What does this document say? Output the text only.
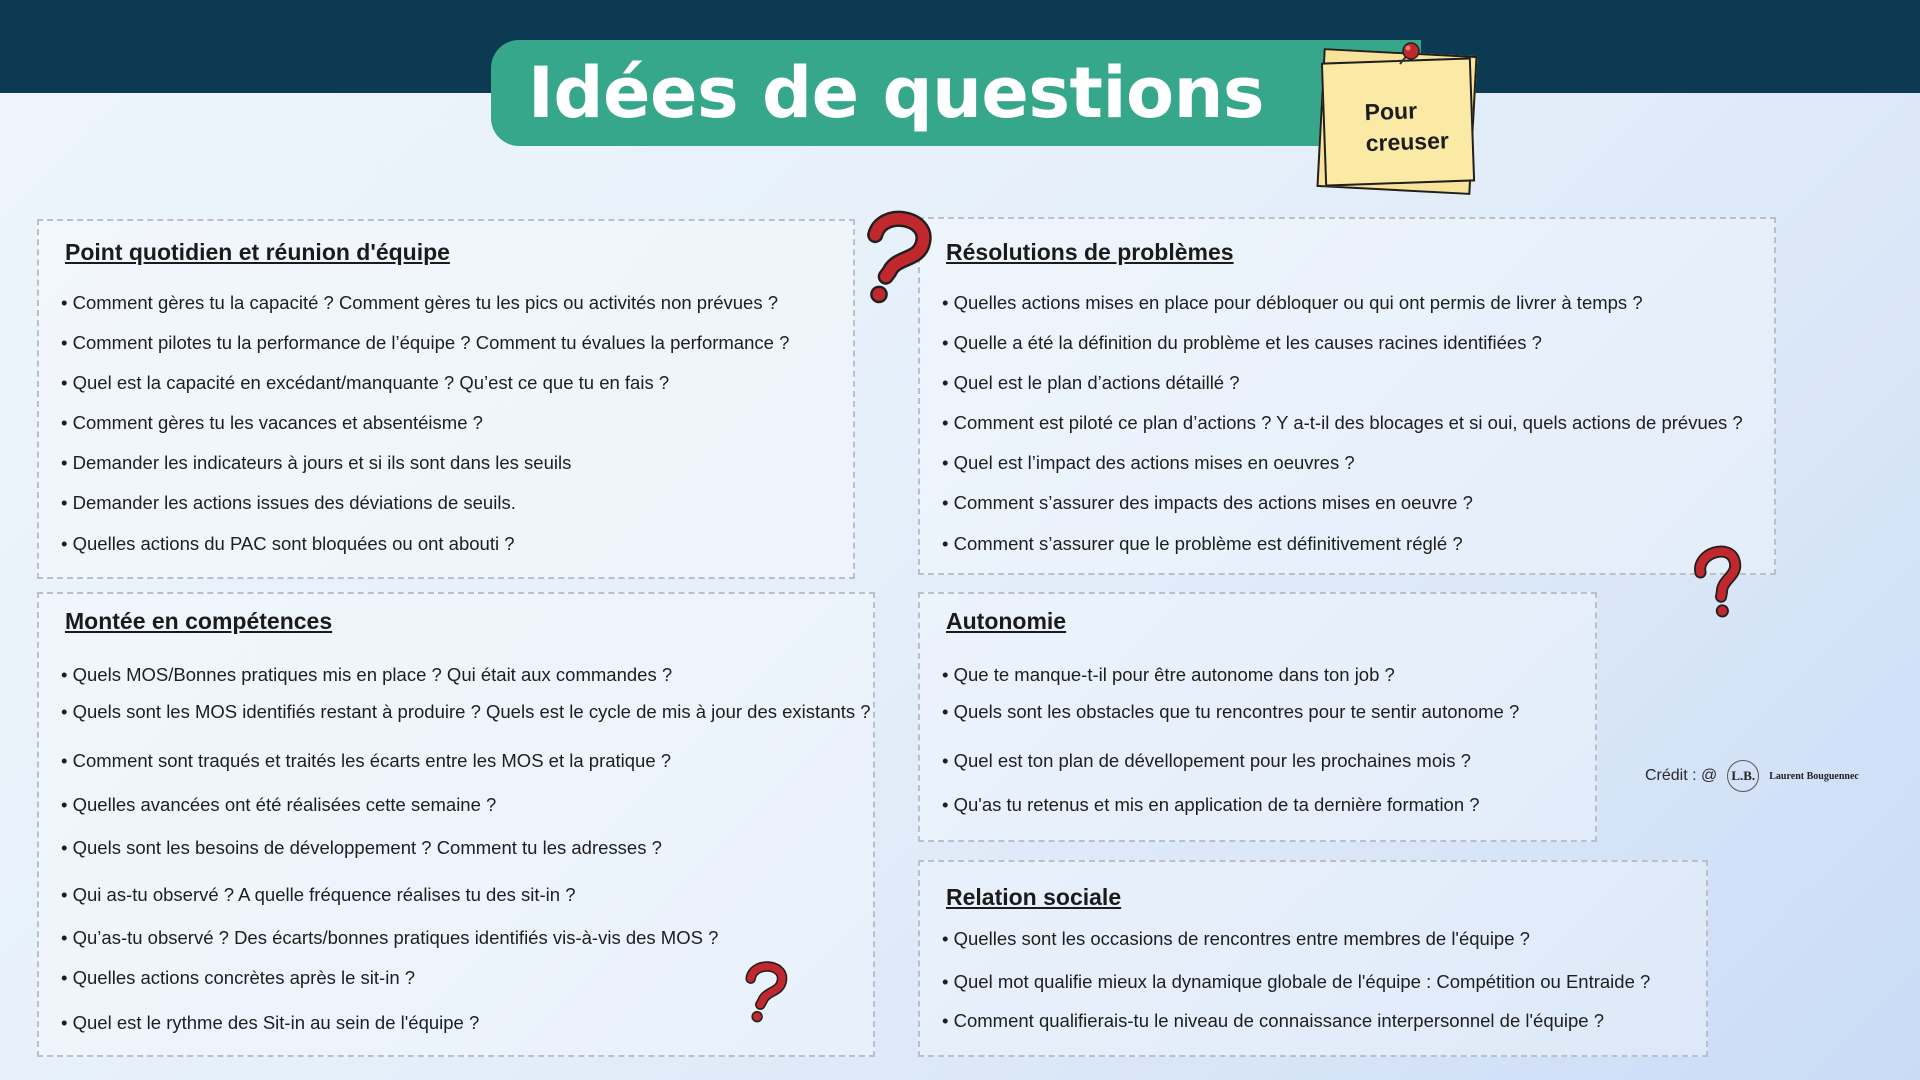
Idées de questions	Pour
creuser
Point quotidien et réunion d'équipe
• Comment gères tu la capacité ? Comment gères tu les pics ou activités non prévues ?
• Comment pilotes tu la performance de l’équipe ? Comment tu évalues la performance ?
• Quel est la capacité en excédant/manquante ? Qu’est ce que tu en fais ?
• Comment gères tu les vacances et absentéisme ?
• Demander les indicateurs à jours et si ils sont dans les seuils
• Demander les actions issues des déviations de seuils.
• Quelles actions du PAC sont bloquées ou ont abouti ?
Résolutions de problèmes
• Quelles actions mises en place pour débloquer ou qui ont permis de livrer à temps ?
• Quelle a été la définition du problème et les causes racines identifiées ?
• Quel est le plan d’actions détaillé ?
• Comment est piloté ce plan d’actions ? Y a-t-il des blocages et si oui, quels actions de prévues ?
• Quel est l’impact des actions mises en oeuvres ?
• Comment s’assurer des impacts des actions mises en oeuvre ?
• Comment s’assurer que le problème est définitivement réglé ?
Montée en compétences
• Quels MOS/Bonnes pratiques mis en place ? Qui était aux commandes ?
• Quels sont les MOS identifiés restant à produire ? Quels est le cycle de mis à jour des existants ?
• Comment sont traqués et traités les écarts entre les MOS et la pratique ?
• Quelles avancées ont été réalisées cette semaine ?
• Quels sont les besoins de développement ? Comment tu les adresses ?
• Qui as-tu observé ? A quelle fréquence réalises tu des sit-in ?
• Qu’as-tu observé ? Des écarts/bonnes pratiques identifiés vis-à-vis des MOS ?
• Quelles actions concrètes après le sit-in ?
• Quel est le rythme des Sit-in au sein de l'équipe ?
Autonomie
• Que te manque-t-il pour être autonome dans ton job ?
• Quels sont les obstacles que tu rencontres pour te sentir autonome ?
• Quel est ton plan de dévellopement pour les prochaines mois ?
• Qu'as tu retenus et mis en application de ta dernière formation ?
Relation sociale
• Quelles sont les occasions de rencontres entre membres de l'équipe ?
• Quel mot qualifie mieux la dynamique globale de l'équipe : Compétition ou Entraide ?
• Comment qualifierais-tu le niveau de connaissance interpersonnel de l'équipe ?
Crédit : @	L.B.	Laurent Bouguennec
